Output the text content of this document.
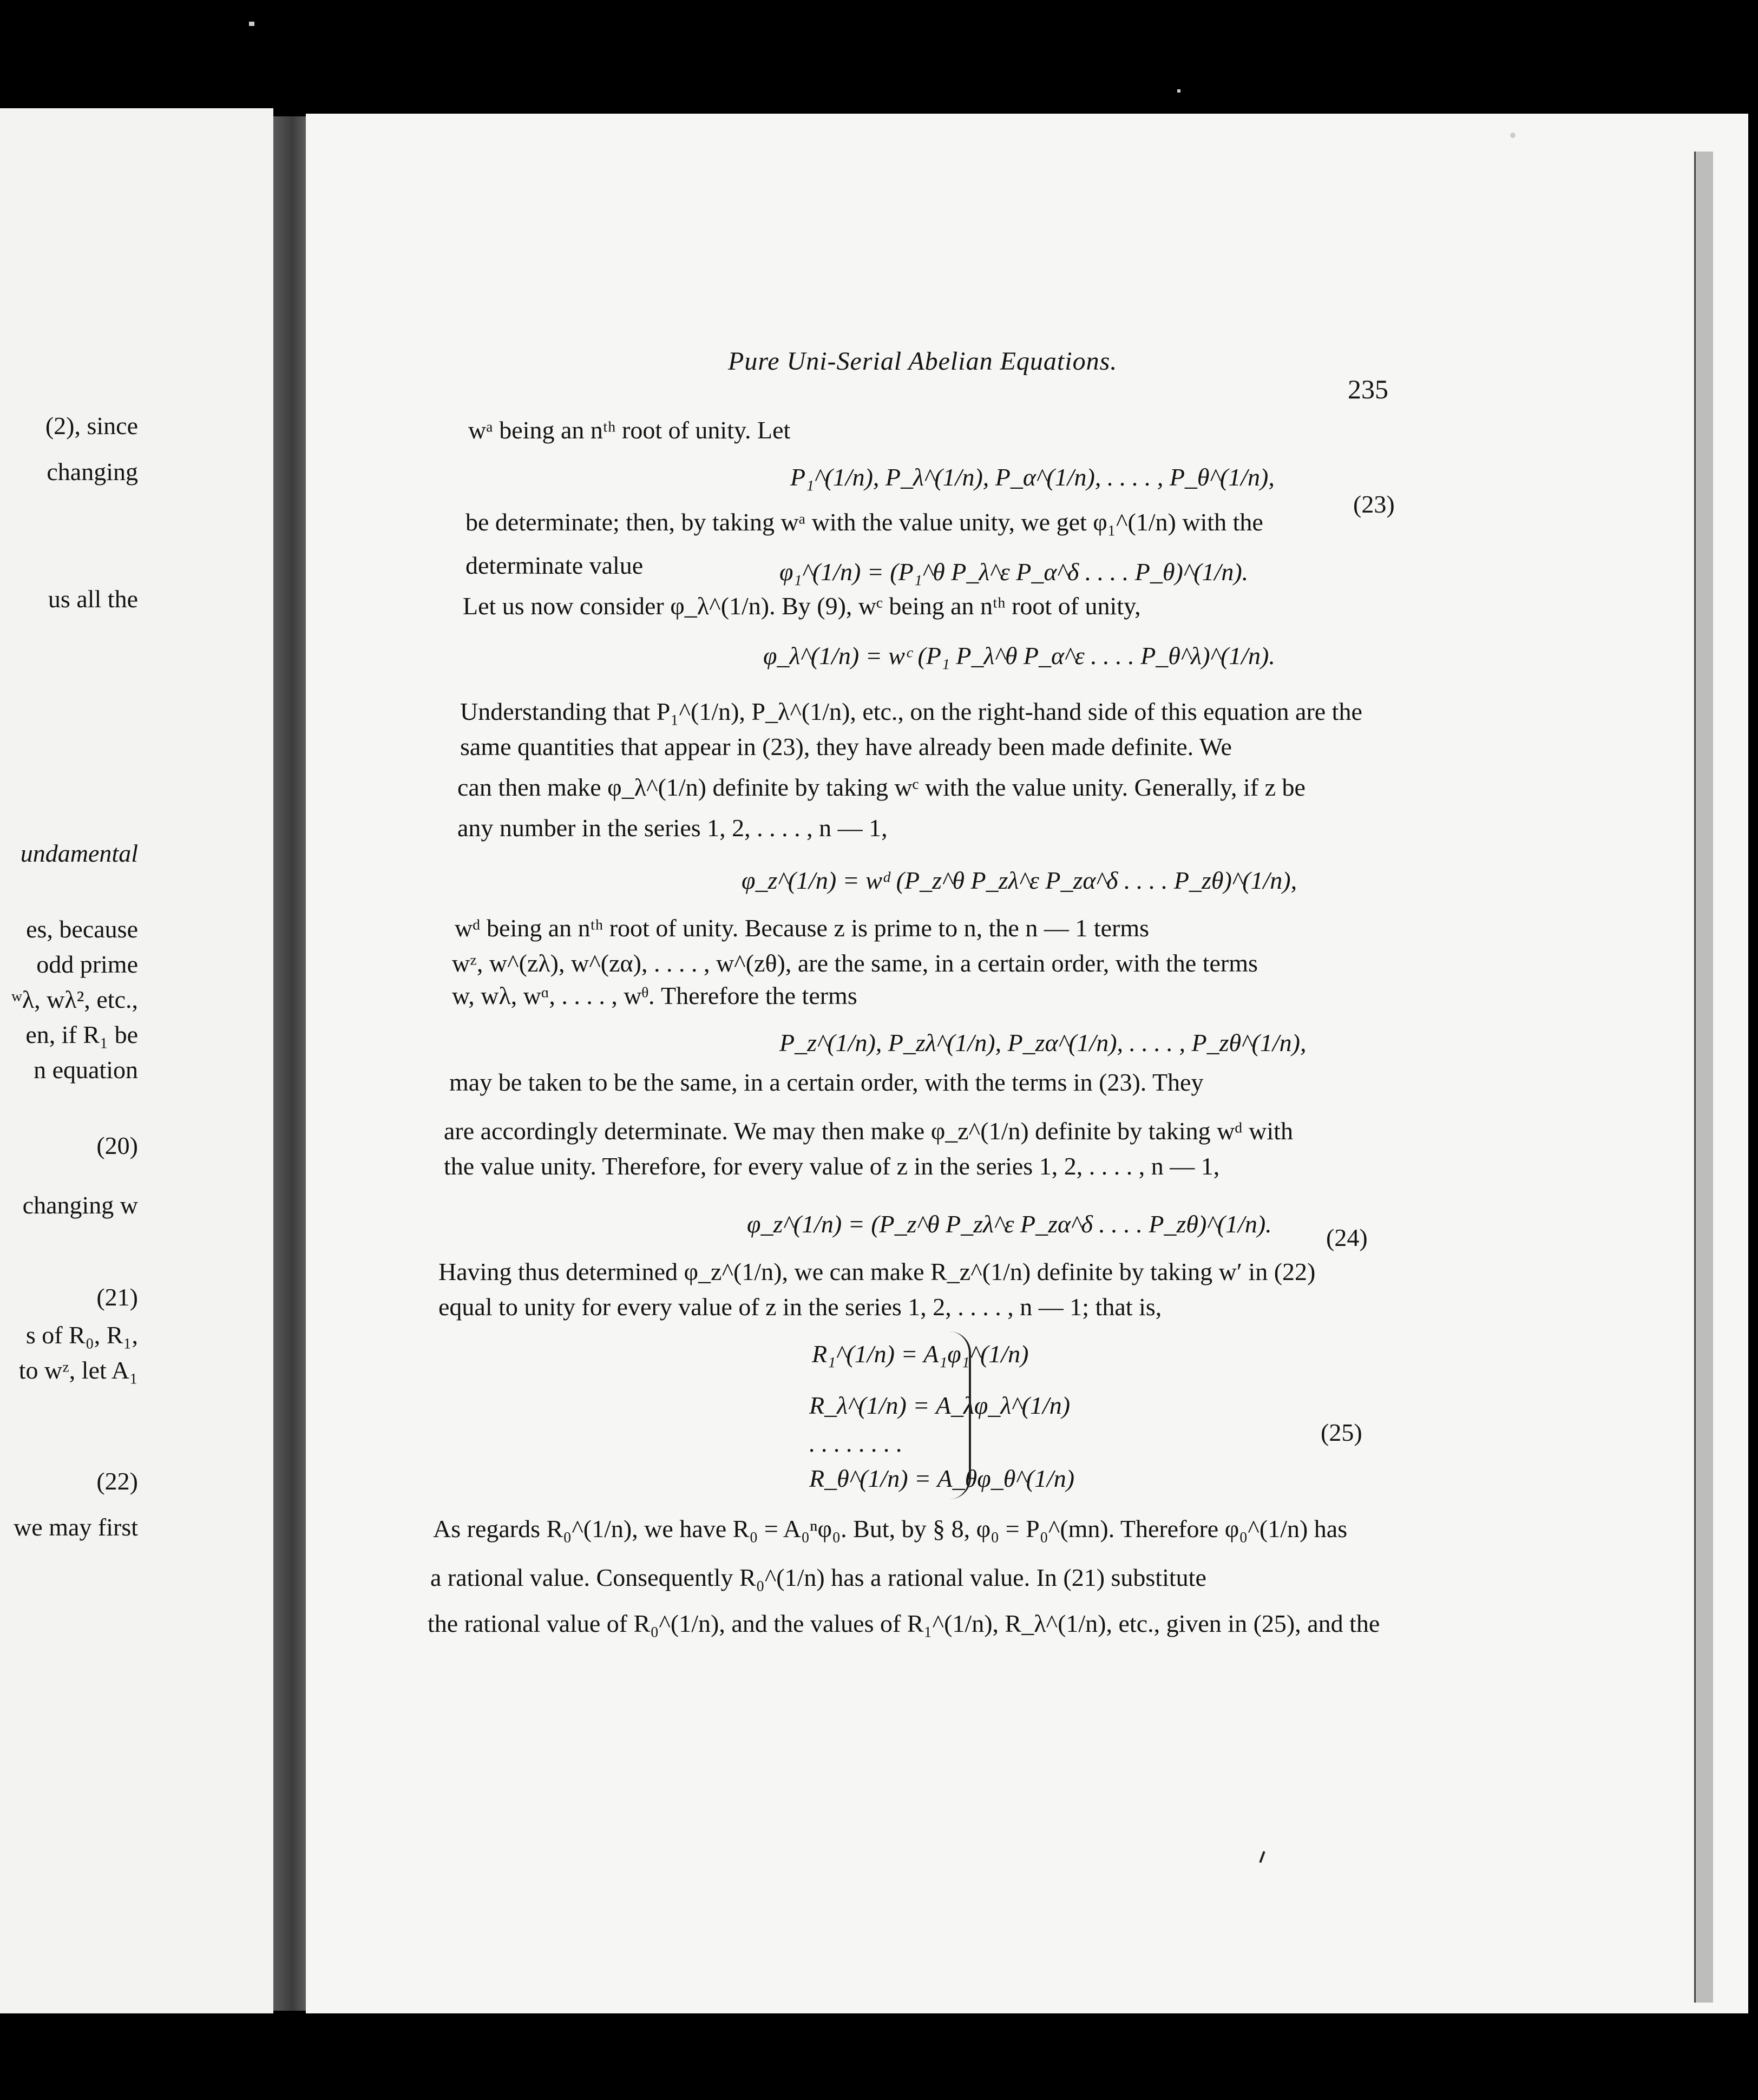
(2), since
changing
us all the
undamental
es, because
odd prime
ʷλ, wλ², etc.,
en, if R₁ be
n equation
(20)
changing w
(21)
s of R₀, R₁,
to wᶻ, let A₁
(22)
we may first
Pure Uni-Serial Abelian Equations.
235
wᵃ being an nᵗʰ root of unity. Let
P₁^(1/n), P_λ^(1/n), P_α^(1/n), . . . . , P_θ^(1/n),
(23)
be determinate; then, by taking wᵃ with the value unity, we get φ₁^(1/n) with the
determinate value	φ₁^(1/n) = (P₁^θ P_λ^ε P_α^δ . . . . P_θ)^(1/n).
Let us now consider φ_λ^(1/n). By (9), wᶜ being an nᵗʰ root of unity,
φ_λ^(1/n) = wᶜ (P₁ P_λ^θ P_α^ε . . . . P_θ^λ)^(1/n).
Understanding that P₁^(1/n), P_λ^(1/n), etc., on the right-hand side of this equation are the
same quantities that appear in (23), they have already been made definite. We
can then make φ_λ^(1/n) definite by taking wᶜ with the value unity. Generally, if z be
any number in the series 1, 2, . . . . , n — 1,
φ_z^(1/n) = wᵈ (P_z^θ P_zλ^ε P_zα^δ . . . . P_zθ)^(1/n),
wᵈ being an nᵗʰ root of unity. Because z is prime to n, the n — 1 terms
wᶻ, w^(zλ), w^(zα), . . . . , w^(zθ), are the same, in a certain order, with the terms
w, wλ, wᵅ, . . . . , wᶿ. Therefore the terms
P_z^(1/n), P_zλ^(1/n), P_zα^(1/n), . . . . , P_zθ^(1/n),
may be taken to be the same, in a certain order, with the terms in (23). They
are accordingly determinate. We may then make φ_z^(1/n) definite by taking wᵈ with
the value unity. Therefore, for every value of z in the series 1, 2, . . . . , n — 1,
φ_z^(1/n) = (P_z^θ P_zλ^ε P_zα^δ . . . . P_zθ)^(1/n). (24)
Having thus determined φ_z^(1/n), we can make R_z^(1/n) definite by taking w′ in (22)
equal to unity for every value of z in the series 1, 2, . . . . , n — 1; that is,
R₁^(1/n) = A₁φ₁^(1/n)
R_λ^(1/n) = A_λφ_λ^(1/n)
. . . . . . . .
R_θ^(1/n) = A_θφ_θ^(1/n)
(25)
As regards R₀^(1/n), we have R₀ = A₀ⁿφ₀. But, by § 8, φ₀ = P₀^(mn). Therefore φ₀^(1/n) has
a rational value. Consequently R₀^(1/n) has a rational value. In (21) substitute
the rational value of R₀^(1/n), and the values of R₁^(1/n), R_λ^(1/n), etc., given in (25), and the
